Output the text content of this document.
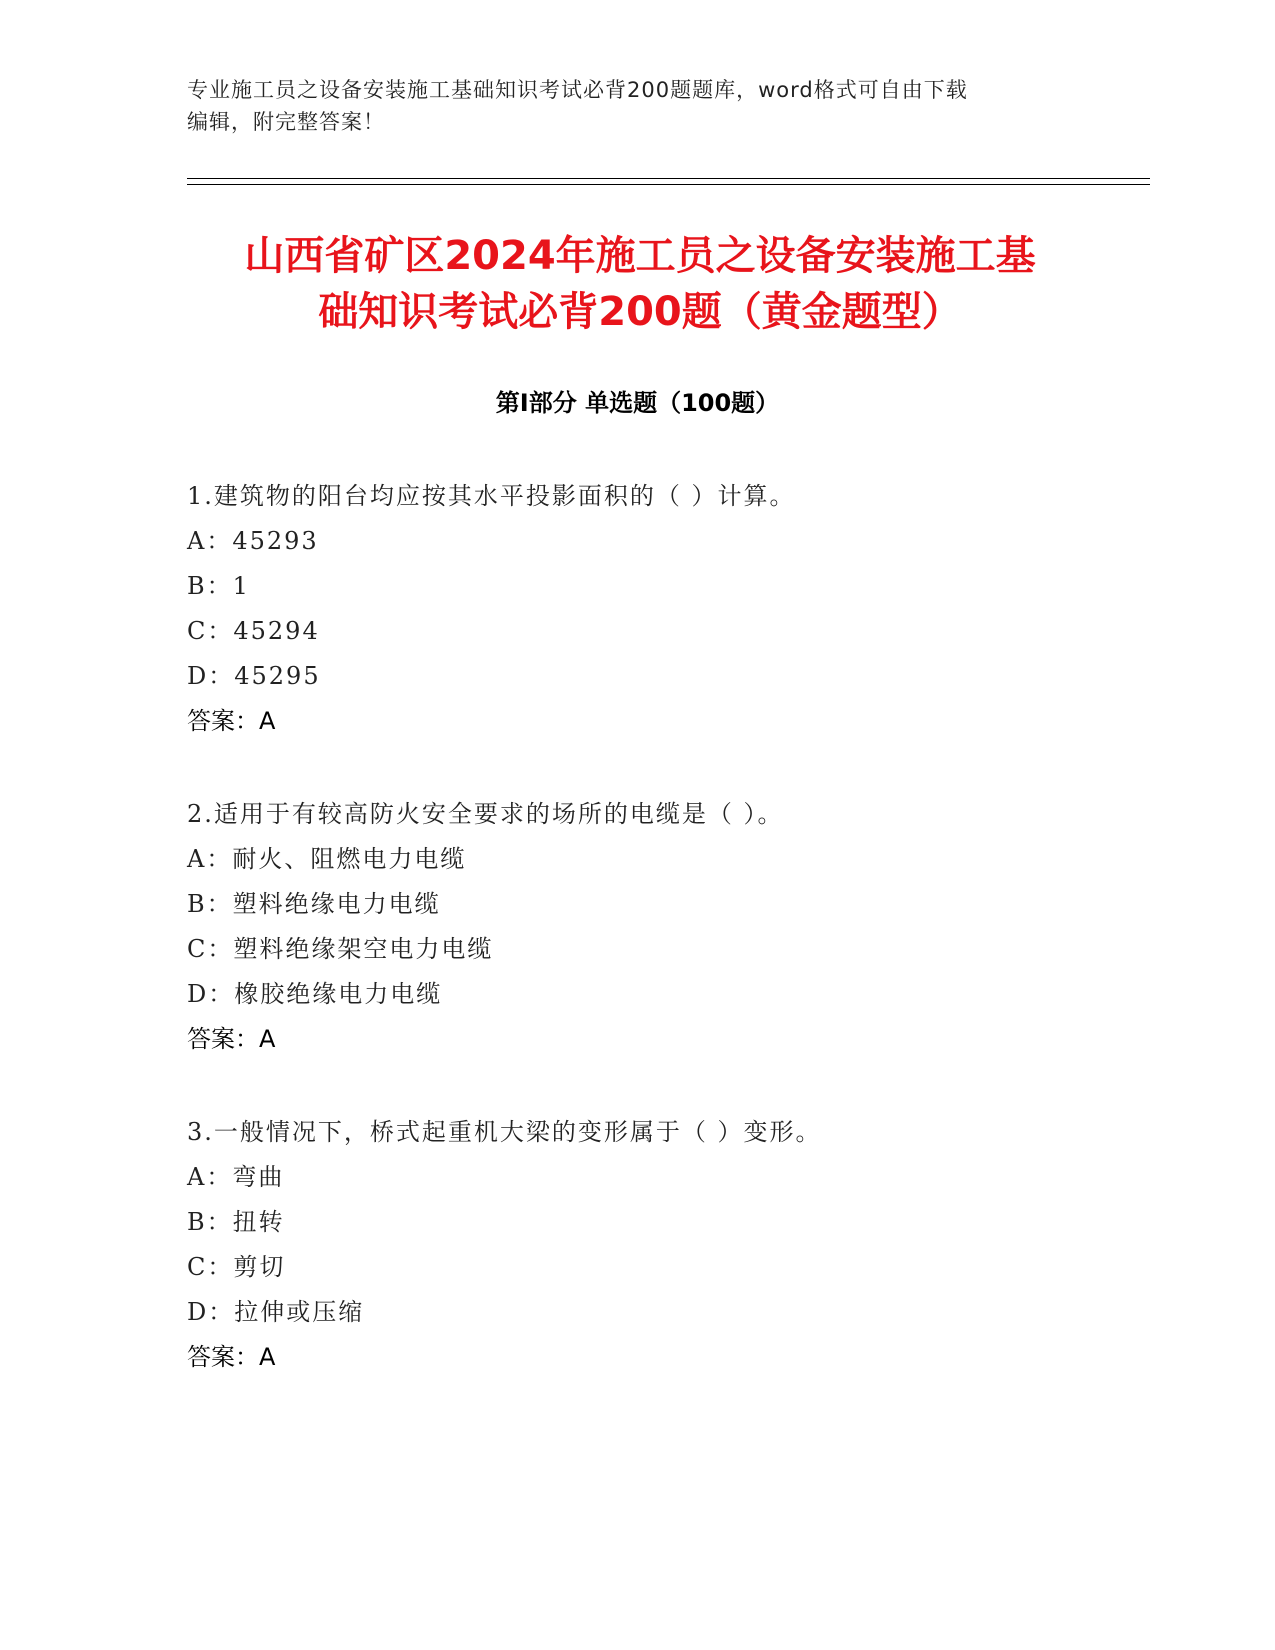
专业施工员之设备安装施工基础知识考试必背200题题库，word格式可自由下载
编辑，附完整答案！
山西省矿区2024年施工员之设备安装施工基
础知识考试必背200题（黄金题型）
第Ⅰ部分 单选题（100题）
1.建筑物的阳台均应按其水平投影面积的（ ）计算。
A：45293
B：1
C：45294
D：45295
答案：A
2.适用于有较高防火安全要求的场所的电缆是（ ）。
A：耐火、阻燃电力电缆
B：塑料绝缘电力电缆
C：塑料绝缘架空电力电缆
D：橡胶绝缘电力电缆
答案：A
3.一般情况下，桥式起重机大梁的变形属于（ ）变形。
A：弯曲
B：扭转
C：剪切
D：拉伸或压缩
答案：A
